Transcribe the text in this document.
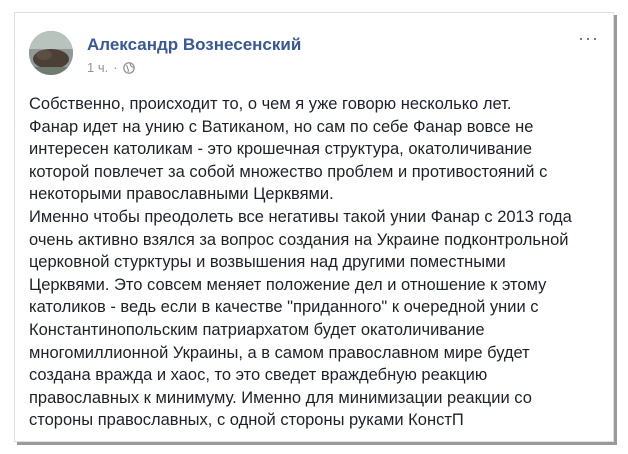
Александр Вознесенский
1 ч. ·
···
Собственно, происходит то, о чем я уже говорю несколько лет.
Фанар идет на унию с Ватиканом, но сам по себе Фанар вовсе не
интересен католикам - это крошечная структура, окатоличивание
которой повлечет за собой множество проблем и противостояний с
некоторыми православными Церквями.
Именно чтобы преодолеть все негативы такой унии Фанар с 2013 года
очень активно взялся за вопрос создания на Украине подконтрольной
церковной стурктуры и возвышения над другими поместными
Церквями. Это совсем меняет положение дел и отношение к этому
католиков - ведь если в качестве "приданного" к очередной унии с
Константинопольским патриархатом будет окатоличивание
многомиллионной Украины, а в самом православном мире будет
создана вражда и хаос, то это сведет враждебную реакцию
православных к минимуму. Именно для минимизации реакции со
стороны православных, с одной стороны руками КонстП
